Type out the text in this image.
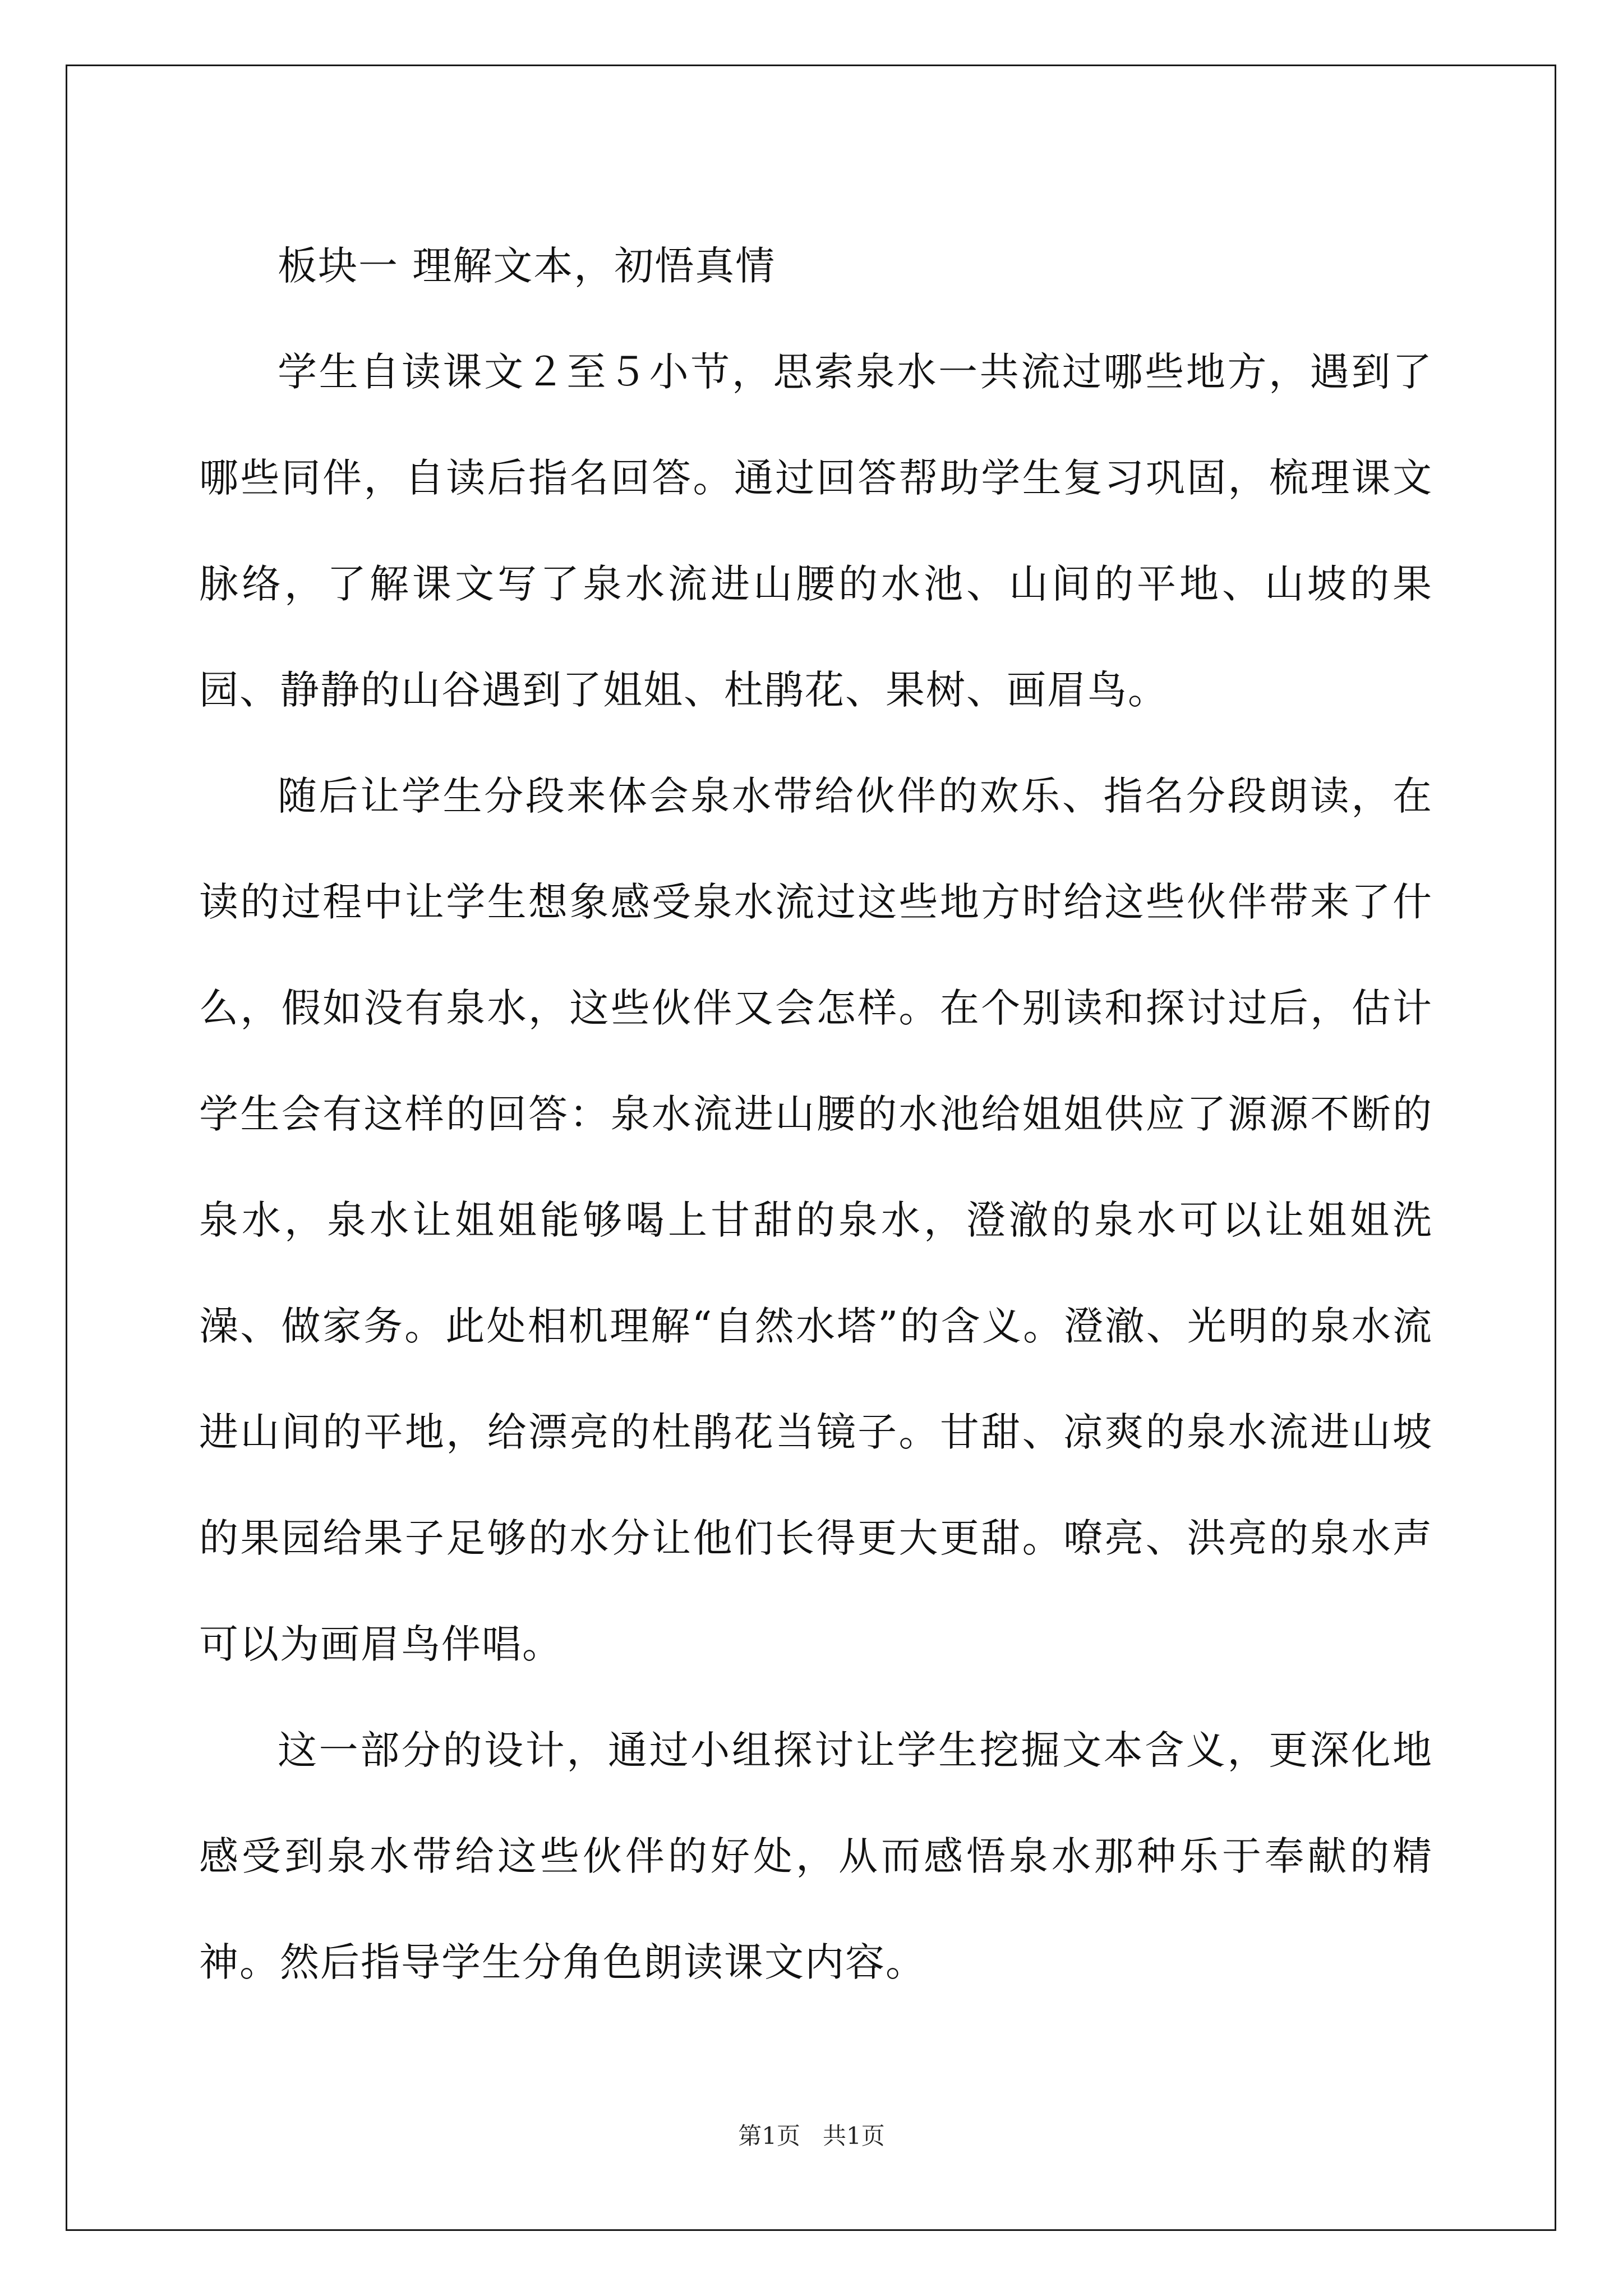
板块一 理解文本，初悟真情

学生自读课文２至５小节，思索泉水一共流过哪些地方，遇到了哪些同伴，自读后指名回答。通过回答帮助学生复习巩固，梳理课文脉络，了解课文写了泉水流进山腰的水池、山间的平地、山坡的果园、静静的山谷遇到了姐姐、杜鹃花、果树、画眉鸟。

随后让学生分段来体会泉水带给伙伴的欢乐、指名分段朗读，在读的过程中让学生想象感受泉水流过这些地方时给这些伙伴带来了什么，假如没有泉水，这些伙伴又会怎样。在个别读和探讨过后，估计学生会有这样的回答：泉水流进山腰的水池给姐姐供应了源源不断的泉水，泉水让姐姐能够喝上甘甜的泉水，澄澈的泉水可以让姐姐洗澡、做家务。此处相机理解“自然水塔”的含义。澄澈、光明的泉水流进山间的平地，给漂亮的杜鹃花当镜子。甘甜、凉爽的泉水流进山坡的果园给果子足够的水分让他们长得更大更甜。嘹亮、洪亮的泉水声可以为画眉鸟伴唱。

这一部分的设计，通过小组探讨让学生挖掘文本含义，更深化地感受到泉水带给这些伙伴的好处，从而感悟泉水那种乐于奉献的精神。然后指导学生分角色朗读课文内容。

第1页 共1页
